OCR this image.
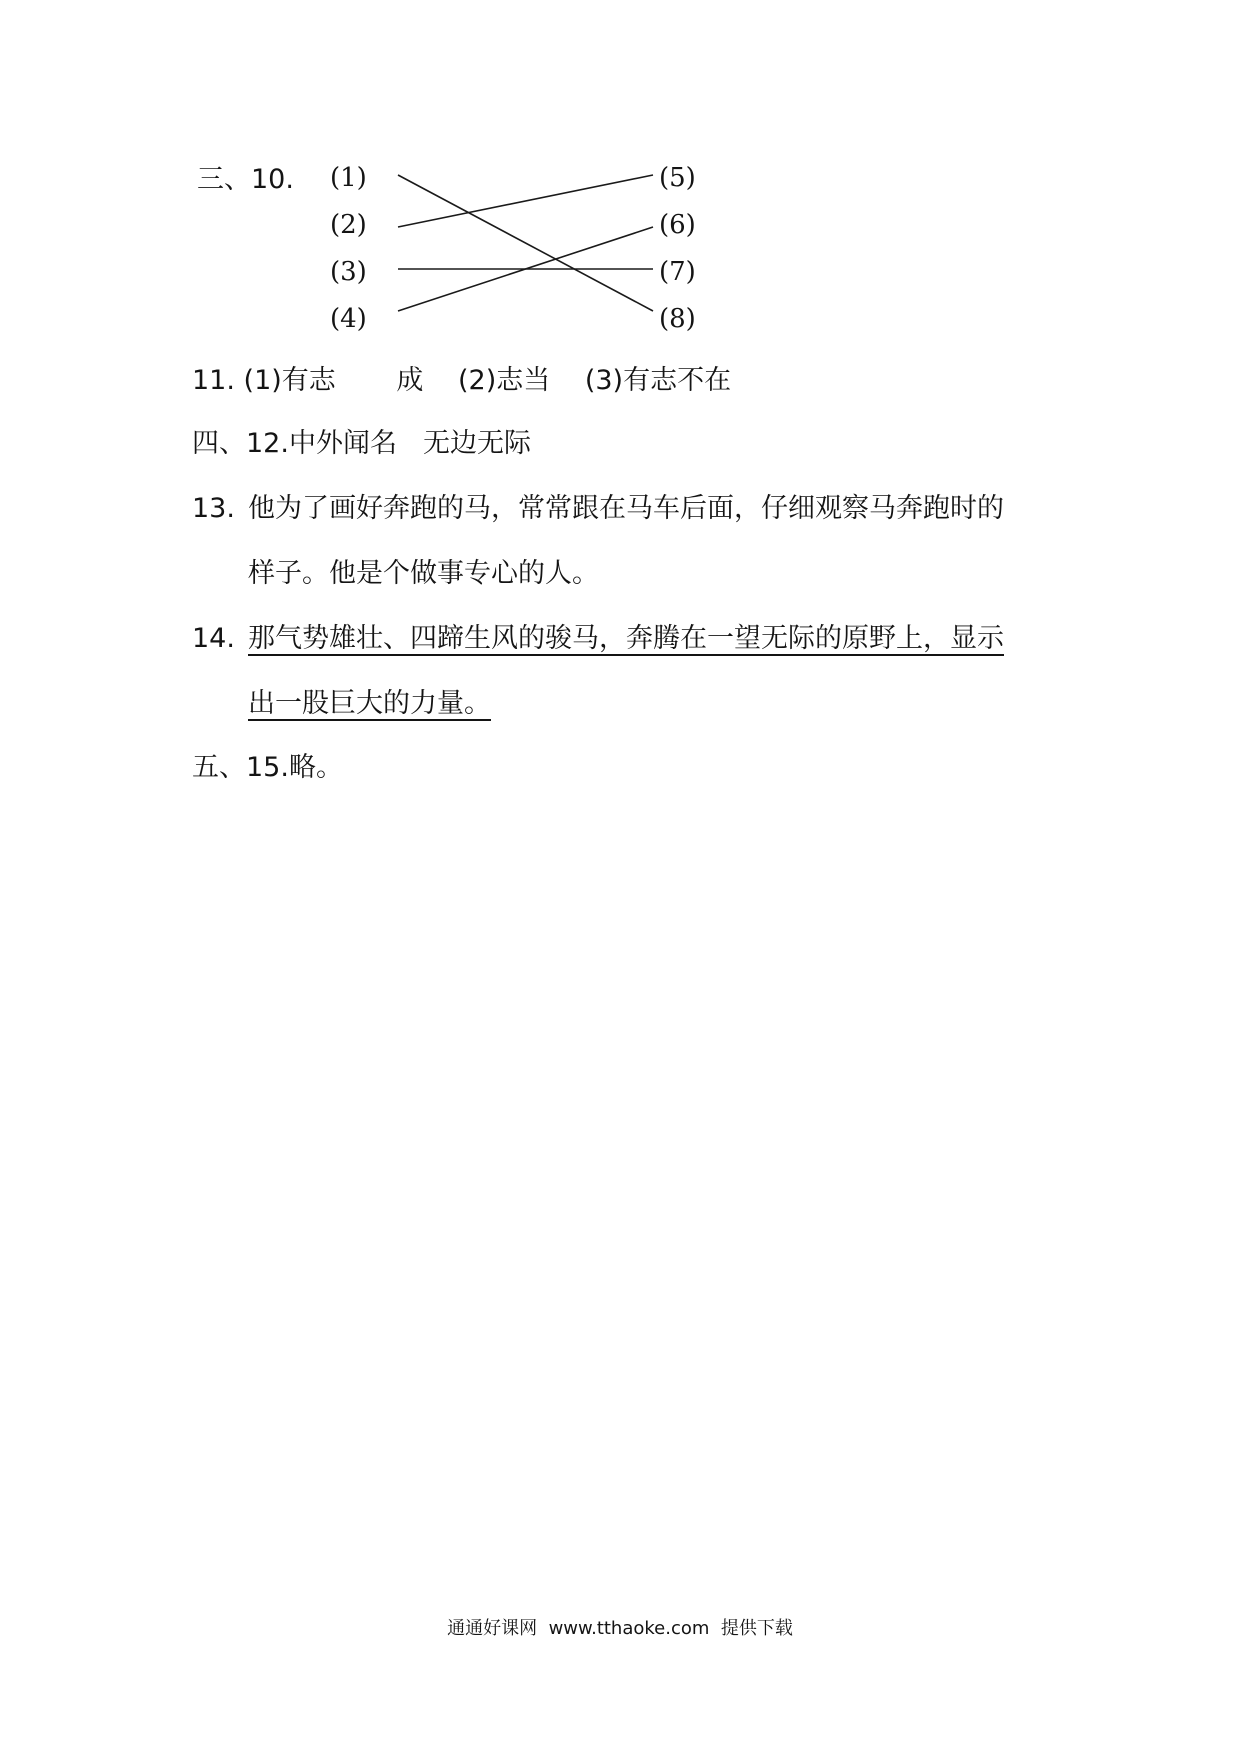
三、10. (1)
(2)
(3)
(4)
(5)
(6)
(7)
(8)
11. (1)有志 成 (2)志当 (3)有志不在
四、12.中外闻名 无边无际
13. 他为了画好奔跑的马，常常跟在马车后面，仔细观察马奔跑时的
样子。他是个做事专心的人。
14. 那气势雄壮、四蹄生风的骏马，奔腾在一望无际的原野上，显示
出一股巨大的力量。
五、15.略。
通通好课网  www.tthaoke.com  提供下载
